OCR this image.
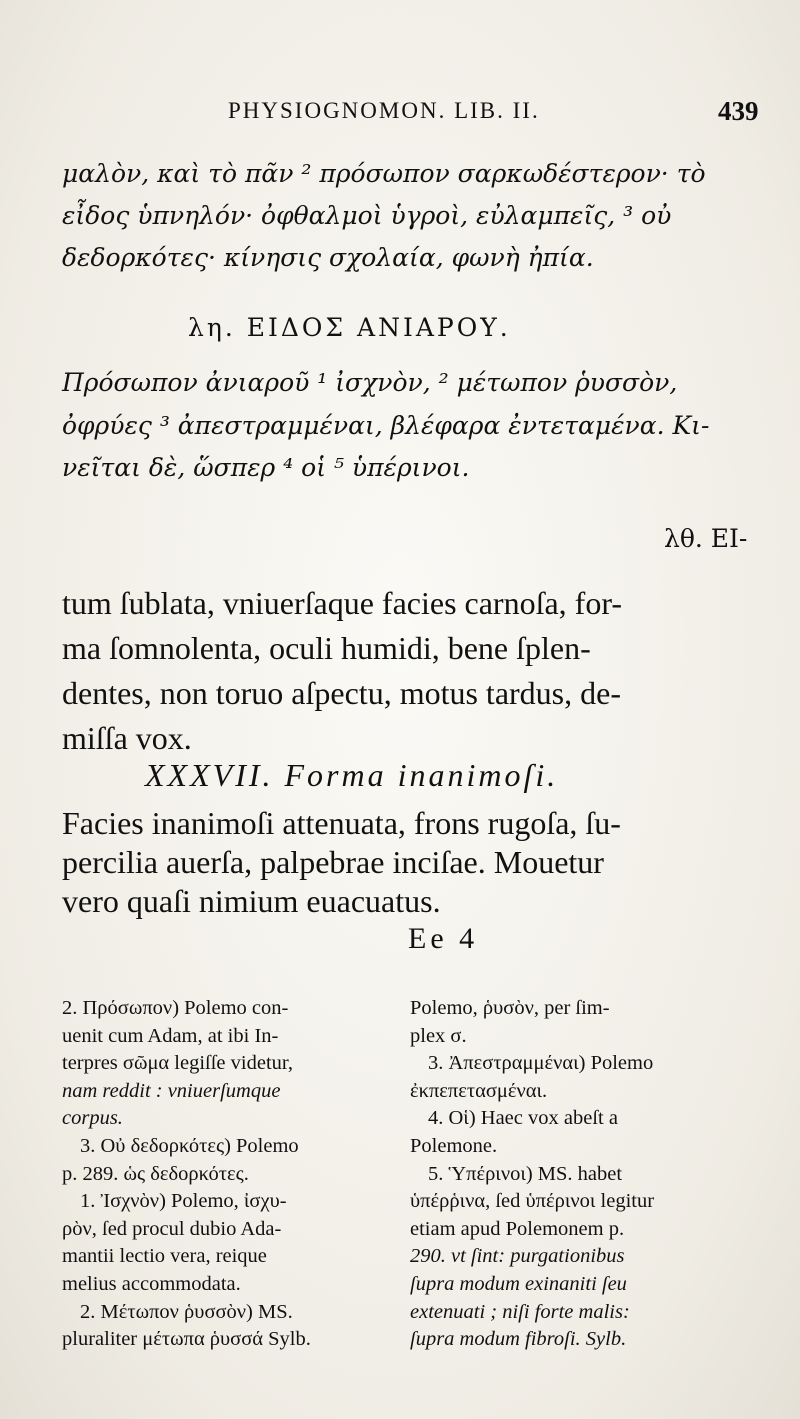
PHYSIOGNOMON. LIB. II.	439
μαλὸν, καὶ τὸ πᾶν ² πρόσωπον σαρκωδέστερον· τὸ
εἶδος ὑπνηλόν· ὀφθαλμοὶ ὑγροὶ, εὐλαμπεῖς, ³ οὐ
δεδορκότες· κίνησις σχολαία, φωνὴ ἠπία.
λη. ΕΙΔΟΣ ΑΝΙΑΡΟΥ.
Πρόσωπον ἀνιαροῦ ¹ ἰσχνὸν, ² μέτωπον ῥυσσὸν,
ὀφρύες ³ ἀπεστραμμέναι, βλέφαρα ἐντεταμένα. Κι-
νεῖται δὲ, ὥσπερ ⁴ οἱ ⁵ ὑπέρινοι.
λθ. ΕΙ-
tum ſublata, vniuerſaque facies carnoſa, for-
ma ſomnolenta, oculi humidi, bene ſplen-
dentes, non toruo aſpectu, motus tardus, de-
miſſa vox.
XXXVII. Forma inanimoſi.
Facies inanimoſi attenuata, frons rugoſa, ſu-
percilia auerſa, palpebrae inciſae. Mouetur
vero quaſi nimium euacuatus.
Ee 4
2. Πρόσωπον) Polemo con-
uenit cum Adam, at ibi In-
terpres σῶμα legiſſe videtur,
nam reddit : vniuerſumque
corpus.
3. Οὐ δεδορκότες) Polemo
p. 289. ὡς δεδορκότες.
1. Ἰσχνὸν) Polemo, ἰσχυ-
ρὸν, ſed procul dubio Ada-
mantii lectio vera, reique
melius accommodata.
2. Μέτωπον ῥυσσὸν) MS.
pluraliter μέτωπα ῥυσσά Sylb.
Polemo, ῥυσὸν, per ſim-
plex σ.
3. Ἀπεστραμμέναι) Polemo
ἐκπεπετασμέναι.
4. Οἱ) Haec vox abeſt a
Polemone.
5. Ὑπέρινοι) MS. habet
ὑπέρῥινα, ſed ὑπέρινοι legitur
etiam apud Polemonem p.
290. vt ſint: purgationibus
ſupra modum exinaniti ſeu
extenuati ; niſi forte malis:
ſupra modum fibroſi. Sylb.
